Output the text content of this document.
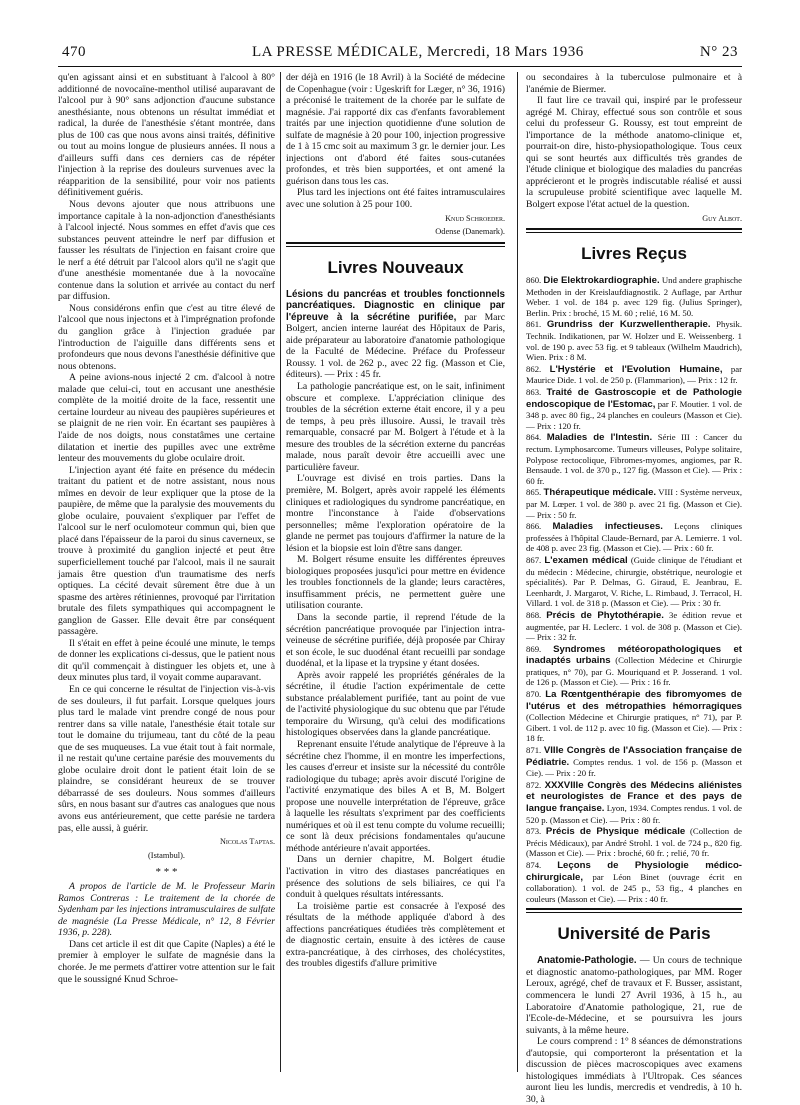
470	LA PRESSE MÉDICALE, Mercredi, 18 Mars 1936	N° 23

qu'en agissant ainsi et en substituant à l'alcool à 80° additionné de novocaïne-menthol utilisé auparavant de l'alcool pur à 90° sans adjonction d'aucune substance anesthésiante, nous obtenons un résultat immédiat et radical, la durée de l'anesthésie s'étant montrée, dans plus de 100 cas que nous avons ainsi traités, définitive ou tout au moins longue de plusieurs années. Il nous a d'ailleurs suffi dans ces derniers cas de répéter l'injection à la reprise des douleurs survenues avec la réapparition de la sensibilité, pour voir nos patients définitivement guéris.

Nous devons ajouter que nous attribuons une importance capitale à la non-adjonction d'anesthésiants à l'alcool injecté. Nous sommes en effet d'avis que ces substances peuvent atteindre le nerf par diffusion et fausser les résultats de l'injection en faisant croire que le nerf a été détruit par l'alcool alors qu'il ne s'agit que d'une anesthésie momentanée due à la novocaïne contenue dans la solution et arrivée au contact du nerf par diffusion.

Nous considérons enfin que c'est au titre élevé de l'alcool que nous injectons et à l'imprégnation profonde du ganglion grâce à l'injection graduée par l'introduction de l'aiguille dans différents sens et profondeurs que nous devons l'anesthésie définitive que nous obtenons.

A peine avions-nous injecté 2 cm. d'alcool à notre malade que celui-ci, tout en accusant une anesthésie complète de la moitié droite de la face, ressentit une certaine lourdeur au niveau des paupières supérieures et se plaignit de ne rien voir. En écartant ses paupières à l'aide de nos doigts, nous constatâmes une certaine dilatation et inertie des pupilles avec une extrême lenteur des mouvements du globe oculaire droit.

L'injection ayant été faite en présence du médecin traitant du patient et de notre assistant, nous nous mîmes en devoir de leur expliquer que la ptose de la paupière, de même que la paralysie des mouvements du globe oculaire, pouvaient s'expliquer par l'effet de l'alcool sur le nerf oculomoteur commun qui, bien que placé dans l'épaisseur de la paroi du sinus caverneux, se trouve à proximité du ganglion injecté et peut être superficiellement touché par l'alcool, mais il ne saurait jamais être question d'un traumatisme des nerfs optiques. La cécité devait sûrement être due à un spasme des artères rétiniennes, provoqué par l'irritation brutale des filets sympathiques qui accompagnent le ganglion de Gasser. Elle devait être par conséquent passagère.

Il s'était en effet à peine écoulé une minute, le temps de donner les explications ci-dessus, que le patient nous dit qu'il commençait à distinguer les objets et, une à deux minutes plus tard, il voyait comme auparavant.

En ce qui concerne le résultat de l'injection vis-à-vis de ses douleurs, il fut parfait. Lorsque quelques jours plus tard le malade vint prendre congé de nous pour rentrer dans sa ville natale, l'anesthésie était totale sur tout le domaine du trijumeau, tant du côté de la peau que de ses muqueuses. La vue était tout à fait normale, il ne restait qu'une certaine parésie des mouvements du globe oculaire droit dont le patient était loin de se plaindre, se considérant heureux de se trouver débarrassé de ses douleurs. Nous sommes d'ailleurs sûrs, en nous basant sur d'autres cas analogues que nous avons eus antérieurement, que cette parésie ne tardera pas, elle aussi, à guérir.

Nicolas Taptas.

(Istambul).

* * *

A propos de l'article de M. le Professeur Marin Ramos Contreras : Le traitement de la chorée de Sydenham par les injections intramusculaires de sulfate de magnésie (La Presse Médicale, n° 12, 8 Février 1936, p. 228).

Dans cet article il est dit que Capite (Naples) a été le premier à employer le sulfate de magnésie dans la chorée. Je me permets d'attirer votre attention sur le fait que le soussigné Knud Schroe-

der déjà en 1916 (le 18 Avril) à la Société de médecine de Copenhague (voir : Ugeskrift for Læger, n° 36, 1916) a préconisé le traitement de la chorée par le sulfate de magnésie. J'ai rapporté dix cas d'enfants favorablement traités par une injection quotidienne d'une solution de sulfate de magnésie à 20 pour 100, injection progressive de 1 à 15 cmc soit au maximum 3 gr. le dernier jour. Les injections ont d'abord été faites sous-cutanées profondes, et très bien supportées, et ont amené la guérison dans tous les cas.

Plus tard les injections ont été faites intramusculaires avec une solution à 25 pour 100.

Knud Schroeder.

Odense (Danemark).

Livres Nouveaux

Lésions du pancréas et troubles fonctionnels pancréatiques. Diagnostic en clinique par l'épreuve à la sécrétine purifiée, par Marc Bolgert, ancien interne lauréat des Hôpitaux de Paris, aide préparateur au laboratoire d'anatomie pathologique de la Faculté de Médecine. Préface du Professeur Roussy. 1 vol. de 262 p., avec 22 fig. (Masson et Cie, éditeurs). — Prix : 45 fr.

La pathologie pancréatique est, on le sait, infiniment obscure et complexe. L'appréciation clinique des troubles de la sécrétion externe était encore, il y a peu de temps, à peu près illusoire. Aussi, le travail très remarquable, consacré par M. Bolgert à l'étude et à la mesure des troubles de la sécrétion externe du pancréas malade, nous paraît devoir être accueilli avec une particulière faveur.

L'ouvrage est divisé en trois parties. Dans la première, M. Bolgert, après avoir rappelé les éléments cliniques et radiologiques du syndrome pancréatique, en montre l'inconstance à l'aide d'observations personnelles; même l'exploration opératoire de la glande ne permet pas toujours d'affirmer la nature de la lésion et la biopsie est loin d'être sans danger.

M. Bolgert résume ensuite les différentes épreuves biologiques proposées jusqu'ici pour mettre en évidence les troubles fonctionnels de la glande; leurs caractères, insuffisamment précis, ne permettent guère une utilisation courante.

Dans la seconde partie, il reprend l'étude de la sécrétion pancréatique provoquée par l'injection intra-veineuse de sécrétine purifiée, déjà proposée par Chiray et son école, le suc duodénal étant recueilli par sondage duodénal, et la lipase et la trypsine y étant dosées.

Après avoir rappelé les propriétés générales de la sécrétine, il étudie l'action expérimentale de cette substance préalablement purifiée, tant au point de vue de l'activité physiologique du suc obtenu que par l'étude temporaire du Wirsung, qu'à celui des modifications histologiques observées dans la glande pancréatique.

Reprenant ensuite l'étude analytique de l'épreuve à la sécrétine chez l'homme, il en montre les imperfections, les causes d'erreur et insiste sur la nécessité du contrôle radiologique du tubage; après avoir discuté l'origine de l'activité enzymatique des biles A et B, M. Bolgert propose une nouvelle interprétation de l'épreuve, grâce à laquelle les résultats s'expriment par des coefficients numériques et où il est tenu compte du volume recueilli; ce sont là deux précisions fondamentales qu'aucune méthode antérieure n'avait apportées.

Dans un dernier chapitre, M. Bolgert étudie l'activation in vitro des diastases pancréatiques en présence des solutions de sels biliaires, ce qui l'a conduit à quelques résultats intéressants.

La troisième partie est consacrée à l'exposé des résultats de la méthode appliquée d'abord à des affections pancréatiques étudiées très complètement et de diagnostic certain, ensuite à des ictères de cause extra-pancréatique, à des cirrhoses, des cholécystites, des troubles digestifs d'allure primitive

ou secondaires à la tuberculose pulmonaire et à l'anémie de Biermer.

Il faut lire ce travail qui, inspiré par le professeur agrégé M. Chiray, effectué sous son contrôle et sous celui du professeur G. Roussy, est tout empreint de l'importance de la méthode anatomo-clinique et, pourrait-on dire, histo-physiopathologique. Tous ceux qui se sont heurtés aux difficultés très grandes de l'étude clinique et biologique des maladies du pancréas apprécieront et le progrès indiscutable réalisé et aussi la scrupuleuse probité scientifique avec laquelle M. Bolgert expose l'état actuel de la question.

Guy Albot.

Livres Reçus

860. Die Elektrokardiographie. Und andere graphische Methoden in der Kreislaufdiagnostik. 2 Auflage, par Arthur Weber. 1 vol. de 184 p. avec 129 fig. (Julius Springer), Berlin. Prix : broché, 15 M. 60 ; relié, 16 M. 50.

861. Grundriss der Kurzwellentherapie. Physik. Technik. Indikationen, par W. Holzer und E. Weissenberg. 1 vol. de 190 p. avec 53 fig. et 9 tableaux (Wilhelm Maudrich), Wien. Prix : 8 M.

862. L'Hystérie et l'Evolution Humaine, par Maurice Dide. 1 vol. de 250 p. (Flammarion), — Prix : 12 fr.

863. Traité de Gastroscopie et de Pathologie endoscopique de l'Estomac, par F. Moutier. 1 vol. de 348 p. avec 80 fig., 24 planches en couleurs (Masson et Cie). — Prix : 120 fr.

864. Maladies de l'Intestin. Série III : Cancer du rectum. Lymphosarcome. Tumeurs villeuses, Polype solitaire, Polypose rectocolique, Fibromes-myomes, angiomes, par R. Bensaude. 1 vol. de 370 p., 127 fig. (Masson et Cie). — Prix : 60 fr.

865. Thérapeutique médicale. VIII : Système nerveux, par M. Lœper. 1 vol. de 380 p. avec 21 fig. (Masson et Cie). — Prix : 50 fr.

866. Maladies infectieuses. Leçons cliniques professées à l'hôpital Claude-Bernard, par A. Lemierre. 1 vol. de 408 p. avec 23 fig. (Masson et Cie). — Prix : 60 fr.

867. L'examen médical (Guide clinique de l'étudiant et du médecin : Médecine, chirurgie, obstétrique, neurologie et spécialités). Par P. Delmas, G. Giraud, E. Jeanbrau, E. Leenhardt, J. Margarot, V. Riche, L. Rimbaud, J. Terracol, H. Villard. 1 vol. de 318 p. (Masson et Cie). — Prix : 30 fr.

868. Précis de Phytothérapie. 3e édition revue et augmentée, par H. Leclerc. 1 vol. de 308 p. (Masson et Cie). — Prix : 32 fr.

869. Syndromes météoropathologiques et inadaptés urbains (Collection Médecine et Chirurgie pratiques, n° 70), par G. Mouriquand et P. Josserand. 1 vol. de 126 p. (Masson et Cie). — Prix : 16 fr.

870. La Rœntgenthérapie des fibromyomes de l'utérus et des métropathies hémorragiques (Collection Médecine et Chirurgie pratiques, n° 71), par P. Gibert. 1 vol. de 112 p. avec 10 fig. (Masson et Cie). — Prix : 18 fr.

871. VIIIe Congrès de l'Association française de Pédiatrie. Comptes rendus. 1 vol. de 156 p. (Masson et Cie). — Prix : 20 fr.

872. XXXVIIIe Congrès des Médecins aliénistes et neurologistes de France et des pays de langue française. Lyon, 1934. Comptes rendus. 1 vol. de 520 p. (Masson et Cie). — Prix : 80 fr.

873. Précis de Physique médicale (Collection de Précis Médicaux), par André Strohl. 1 vol. de 724 p., 820 fig. (Masson et Cie). — Prix : broché, 60 fr. ; relié, 70 fr.

874. Leçons de Physiologie médico-chirurgicale, par Léon Binet (ouvrage écrit en collaboration). 1 vol. de 245 p., 53 fig., 4 planches en couleurs (Masson et Cie). — Prix : 40 fr.

Université de Paris

Anatomie-Pathologie. — Un cours de technique et diagnostic anatomo-pathologiques, par MM. Roger Leroux, agrégé, chef de travaux et F. Busser, assistant, commencera le lundi 27 Avril 1936, à 15 h., au Laboratoire d'Anatomie pathologique, 21, rue de l'Ecole-de-Médecine, et se poursuivra les jours suivants, à la même heure.

Le cours comprend : 1° 8 séances de démonstrations d'autopsie, qui comporteront la présentation et la discussion de pièces macroscopiques avec examens histologiques immédiats à l'Ultropak. Ces séances auront lieu les lundis, mercredis et vendredis, à 10 h. 30, à
